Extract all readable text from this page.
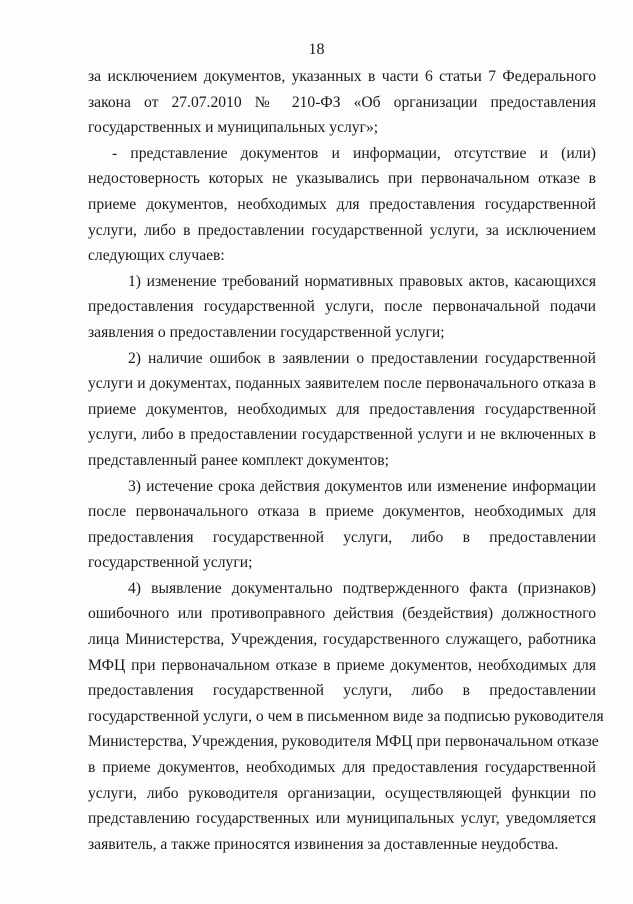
18
за исключением документов, указанных в части 6 статьи 7 Федерального
закона от 27.07.2010 № 210-ФЗ «Об организации предоставления
государственных и муниципальных услуг»;
- представление документов и информации, отсутствие и (или)
недостоверность которых не указывались при первоначальном отказе в
приеме документов, необходимых для предоставления государственной
услуги, либо в предоставлении государственной услуги, за исключением
следующих случаев:
1) изменение требований нормативных правовых актов, касающихся
предоставления государственной услуги, после первоначальной подачи
заявления о предоставлении государственной услуги;
2) наличие ошибок в заявлении о предоставлении государственной
услуги и документах, поданных заявителем после первоначального отказа в
приеме документов, необходимых для предоставления государственной
услуги, либо в предоставлении государственной услуги и не включенных в
представленный ранее комплект документов;
3) истечение срока действия документов или изменение информации
после первоначального отказа в приеме документов, необходимых для
предоставления государственной услуги, либо в предоставлении
государственной услуги;
4) выявление документально подтвержденного факта (признаков)
ошибочного или противоправного действия (бездействия) должностного
лица Министерства, Учреждения, государственного служащего, работника
МФЦ при первоначальном отказе в приеме документов, необходимых для
предоставления государственной услуги, либо в предоставлении
государственной услуги, о чем в письменном виде за подписью руководителя
Министерства, Учреждения, руководителя МФЦ при первоначальном отказе
в приеме документов, необходимых для предоставления государственной
услуги, либо руководителя организации, осуществляющей функции по
представлению государственных или муниципальных услуг, уведомляется
заявитель, а также приносятся извинения за доставленные неудобства.
